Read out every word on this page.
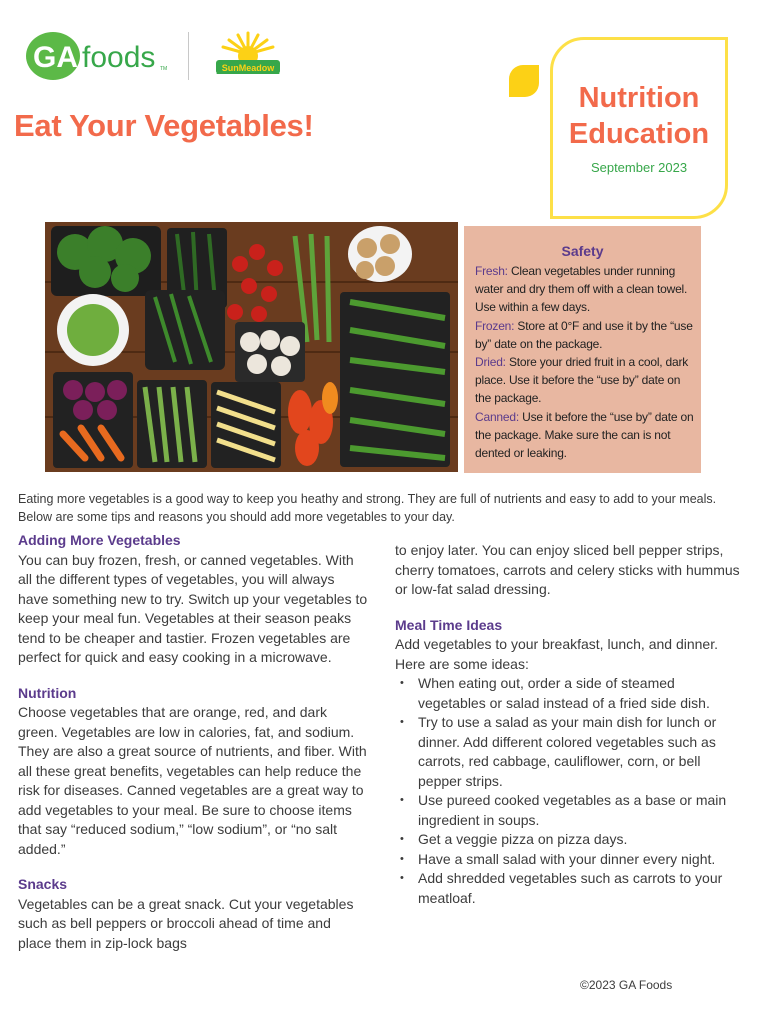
GA foods TM	SunMeadow
Eat Your Vegetables!
Nutrition
Education
September 2023
Safety
Fresh: Clean vegetables under running water and dry them off with a clean towel. Use within a few days.
Frozen: Store at 0°F and use it by the “use by” date on the package.
Dried: Store your dried fruit in a cool, dark place. Use it before the “use by” date on the package.
Canned: Use it before the “use by” date on the package. Make sure the can is not dented or leaking.
Eating more vegetables is a good way to keep you heathy and strong. They are full of nutrients and easy to add to your meals. Below are some tips and reasons you should add more vegetables to your day.
Adding More Vegetables

You can buy frozen, fresh, or canned vegetables. With all the different types of vegetables, you will always have something new to try. Switch up your vegetables to keep your meal fun. Vegetables at their season peaks tend to be cheaper and tastier. Frozen vegetables are perfect for quick and easy cooking in a microwave.

Nutrition

Choose vegetables that are orange, red, and dark green. Vegetables are low in calories, fat, and sodium. They are also a great source of nutrients, and fiber. With all these great benefits, vegetables can help reduce the risk for diseases. Canned vegetables are a great way to add vegetables to your meal. Be sure to choose items that say “reduced sodium,” “low sodium”, or “no salt added.”

Snacks

Vegetables can be a great snack. Cut your vegetables such as bell peppers or broccoli ahead of time and place them in zip-lock bags

to enjoy later. You can enjoy sliced bell pepper strips, cherry tomatoes, carrots and celery sticks with hummus or low-fat salad dressing.

Meal Time Ideas
Add vegetables to your breakfast, lunch, and dinner. Here are some ideas:
• When eating out, order a side of steamed vegetables or salad instead of a fried side dish.
• Try to use a salad as your main dish for lunch or dinner. Add different colored vegetables such as carrots, red cabbage, cauliflower, corn, or bell pepper strips.
• Use pureed cooked vegetables as a base or main ingredient in soups.
• Get a veggie pizza on pizza days.
• Have a small salad with your dinner every night.
• Add shredded vegetables such as carrots to your meatloaf.
©2023 GA Foods
